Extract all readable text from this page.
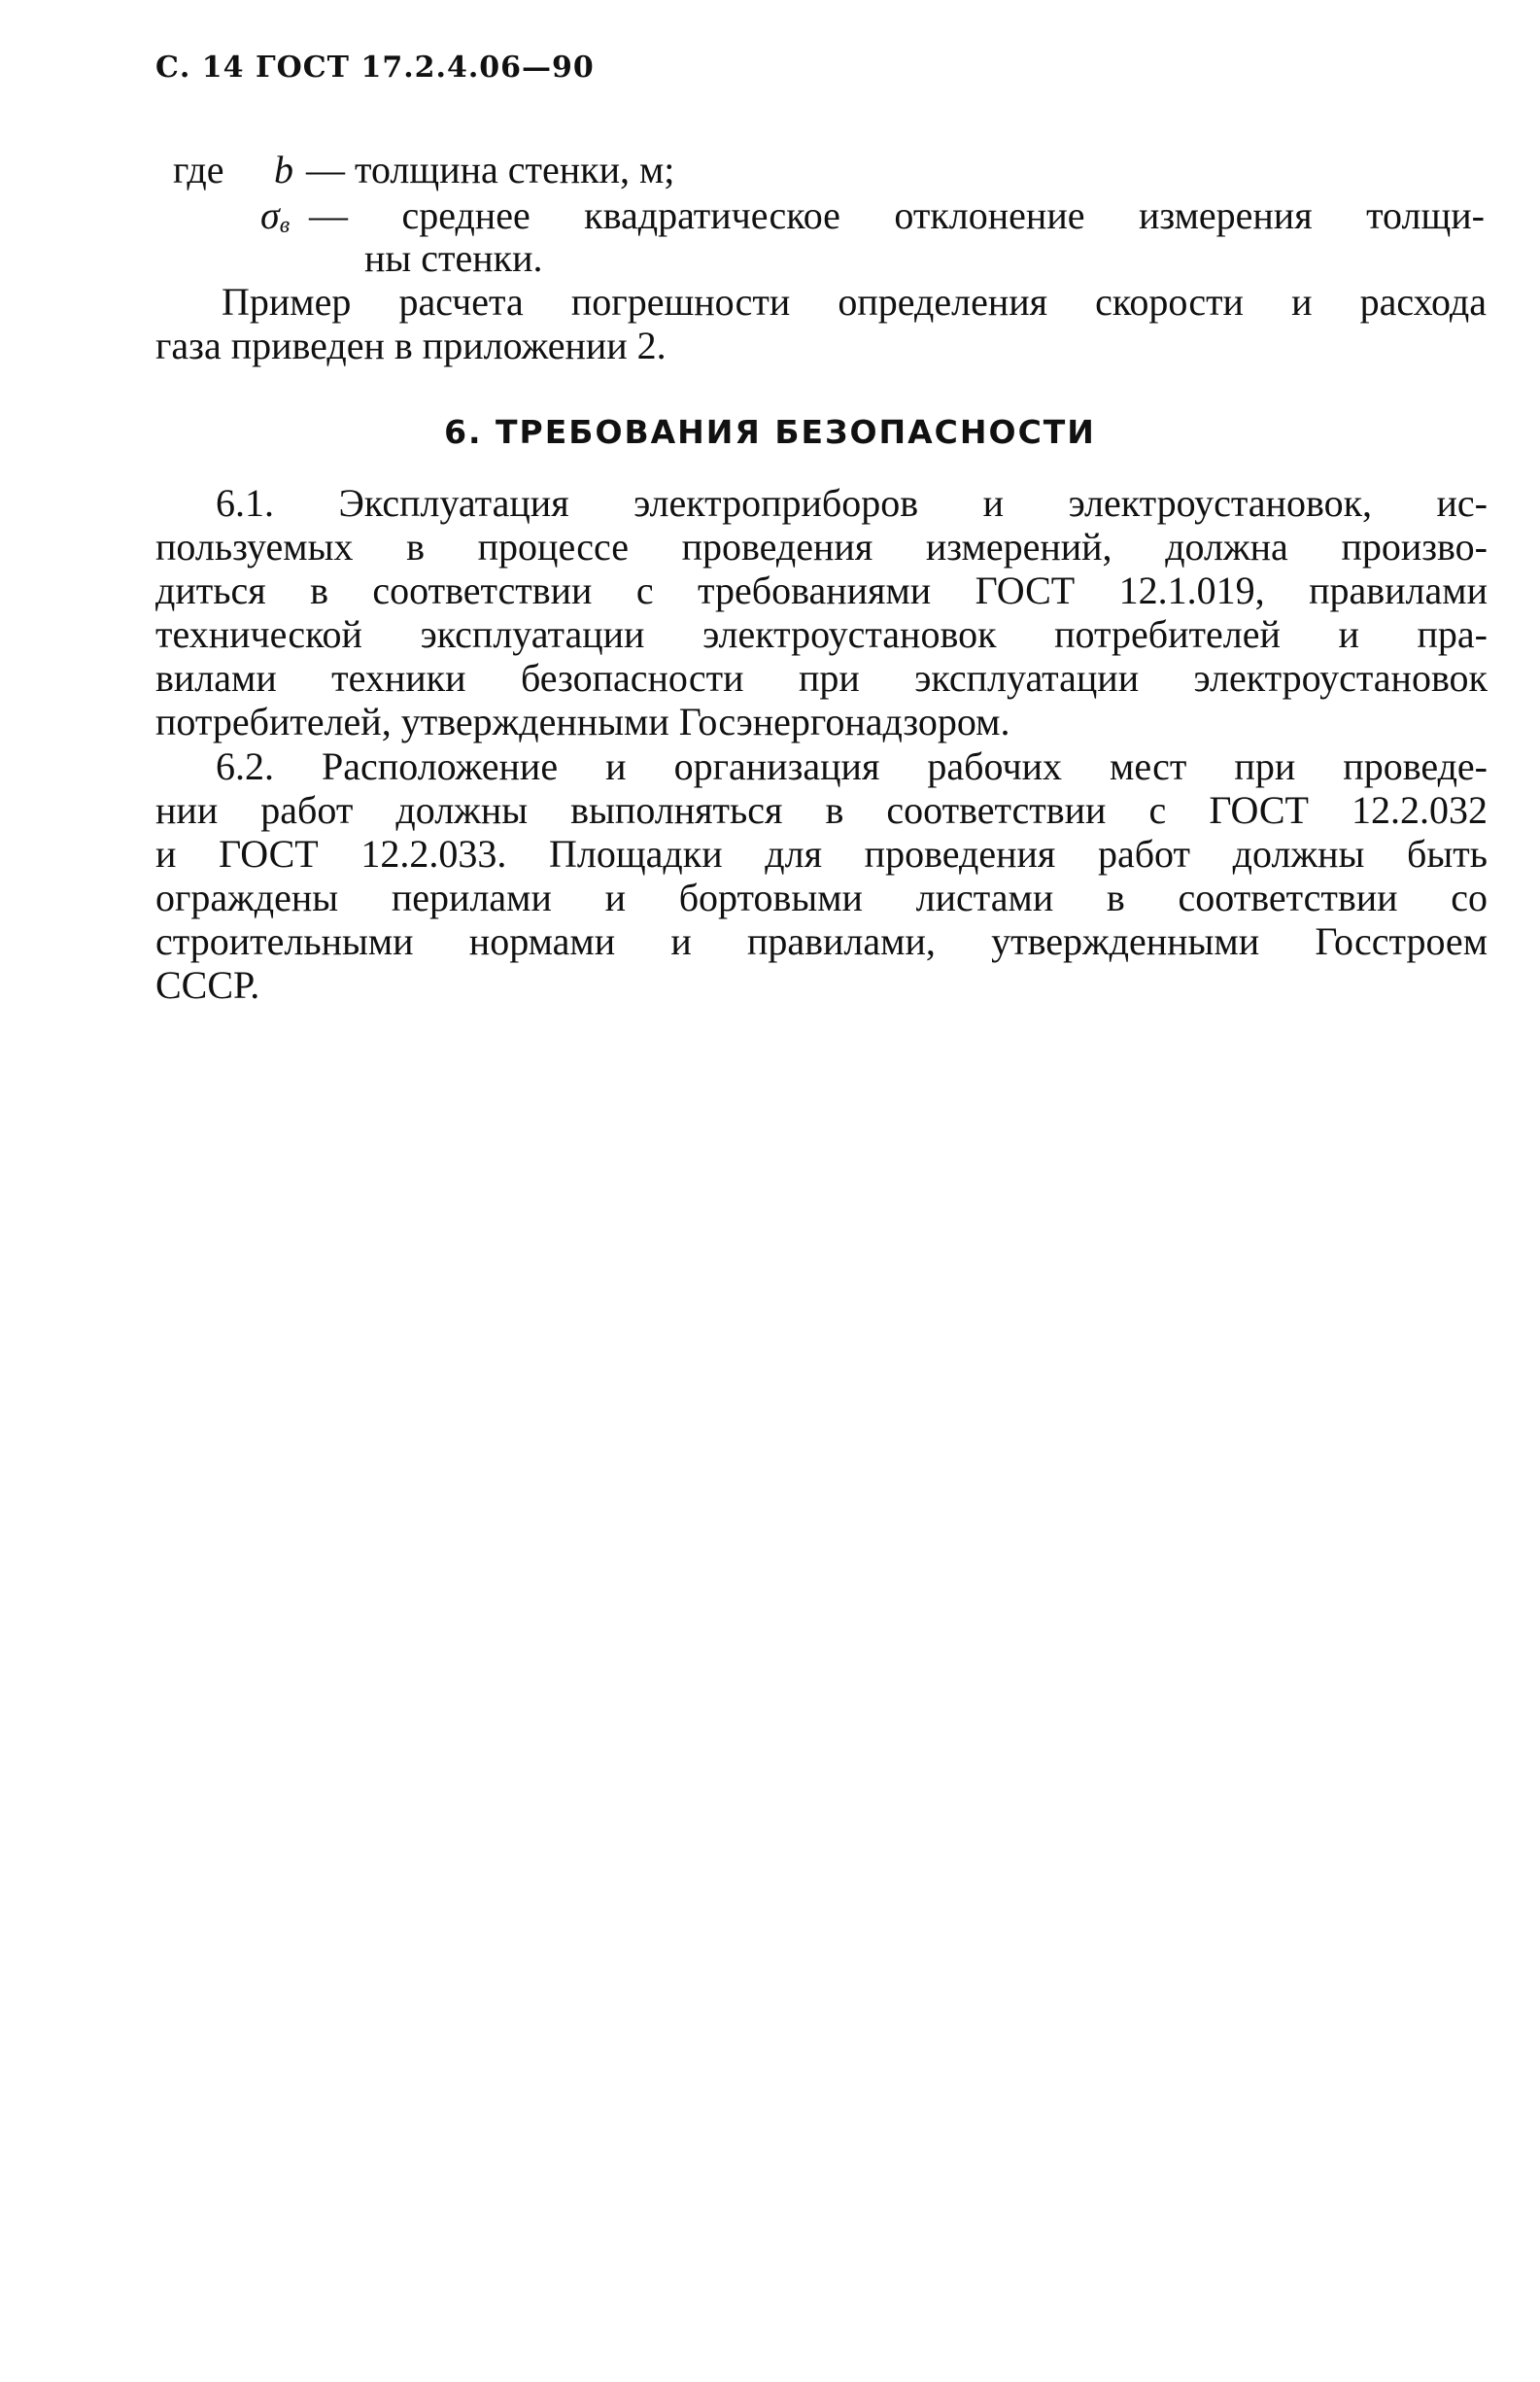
С. 14 ГОСТ 17.2.4.06—90
где b — толщина стенки, м;
$\sigma_в$ — среднее квадратическое отклонение измерения толщи-
ны стенки.
Пример расчета погрешности определения скорости и расхода
газа приведен в приложении 2.
6. ТРЕБОВАНИЯ БЕЗОПАСНОСТИ
6.1. Эксплуатация электроприборов и электроустановок, ис-
пользуемых в процессе проведения измерений, должна произво-
диться в соответствии с требованиями ГОСТ 12.1.019, правилами
технической эксплуатации электроустановок потребителей и пра-
вилами техники безопасности при эксплуатации электроустановок
потребителей, утвержденными Госэнергонадзором.
6.2. Расположение и организация рабочих мест при проведе-
нии работ должны выполняться в соответствии с ГОСТ 12.2.032
и ГОСТ 12.2.033. Площадки для проведения работ должны быть
ограждены перилами и бортовыми листами в соответствии со
строительными нормами и правилами, утвержденными Госстроем
СССР.
